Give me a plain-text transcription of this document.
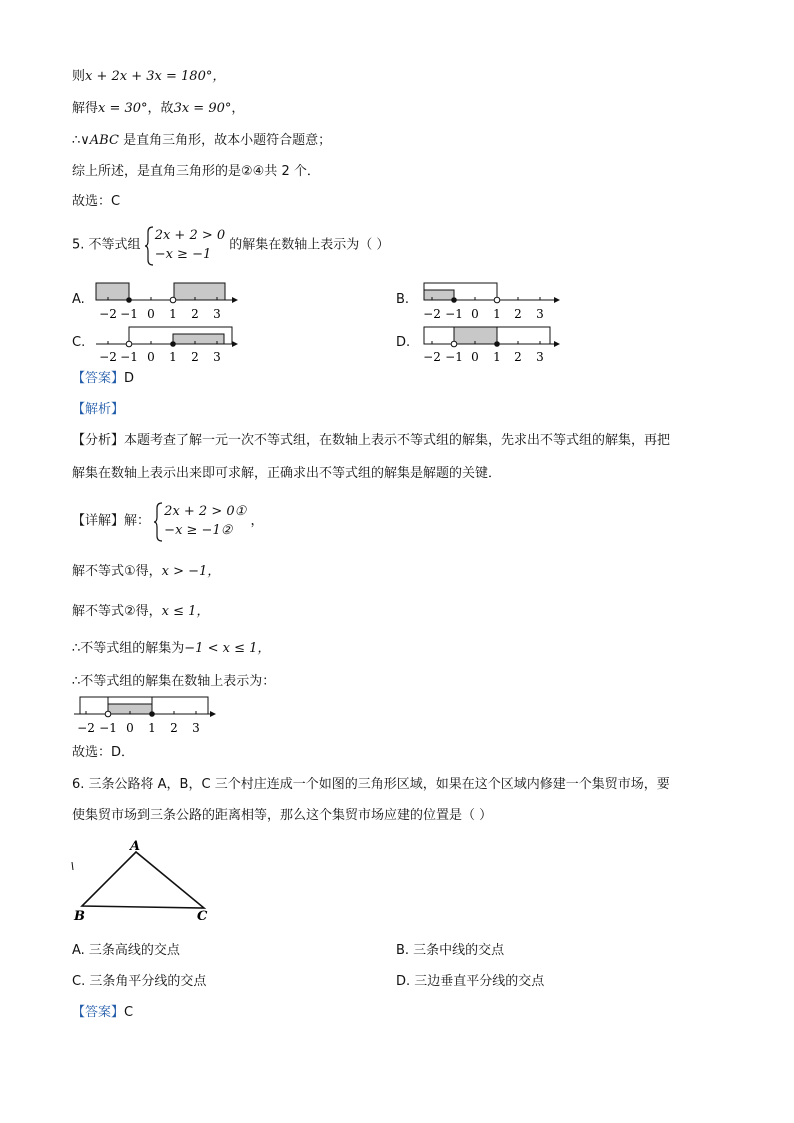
则x + 2x + 3x = 180°，
解得x = 30°，故3x = 90°，
∴∨ABC 是直角三角形，故本小题符合题意；
综上所述，是直角三角形的是②④共 2 个．
故选：C
5. 不等式组
2x + 2 > 0
−x ≥ −1
的解集在数轴上表示为（ ）
A.
−2 −1 0 1 2 3
B.
−2 −1 0 1 2 3
C.
−2 −1 0 1 2 3
D.
−2 −1 0 1 2 3
【答案】D
【解析】
【分析】本题考查了解一元一次不等式组，在数轴上表示不等式组的解集，先求出不等式组的解集，再把
解集在数轴上表示出来即可求解，正确求出不等式组的解集是解题的关键．
【详解】解：
2x + 2 > 0①
−x ≥ −1②
，
解不等式①得，x > −1，
解不等式②得，x ≤ 1，
∴不等式组的解集为−1 < x ≤ 1，
∴不等式组的解集在数轴上表示为：
−2 −1 0 1 2 3
故选：D．
6. 三条公路将 A，B，C 三个村庄连成一个如图的三角形区域，如果在这个区域内修建一个集贸市场，要
使集贸市场到三条公路的距离相等，那么这个集贸市场应建的位置是（ ）
A
B	C
A. 三条高线的交点	B. 三条中线的交点
C. 三条角平分线的交点	D. 三边垂直平分线的交点
【答案】C
